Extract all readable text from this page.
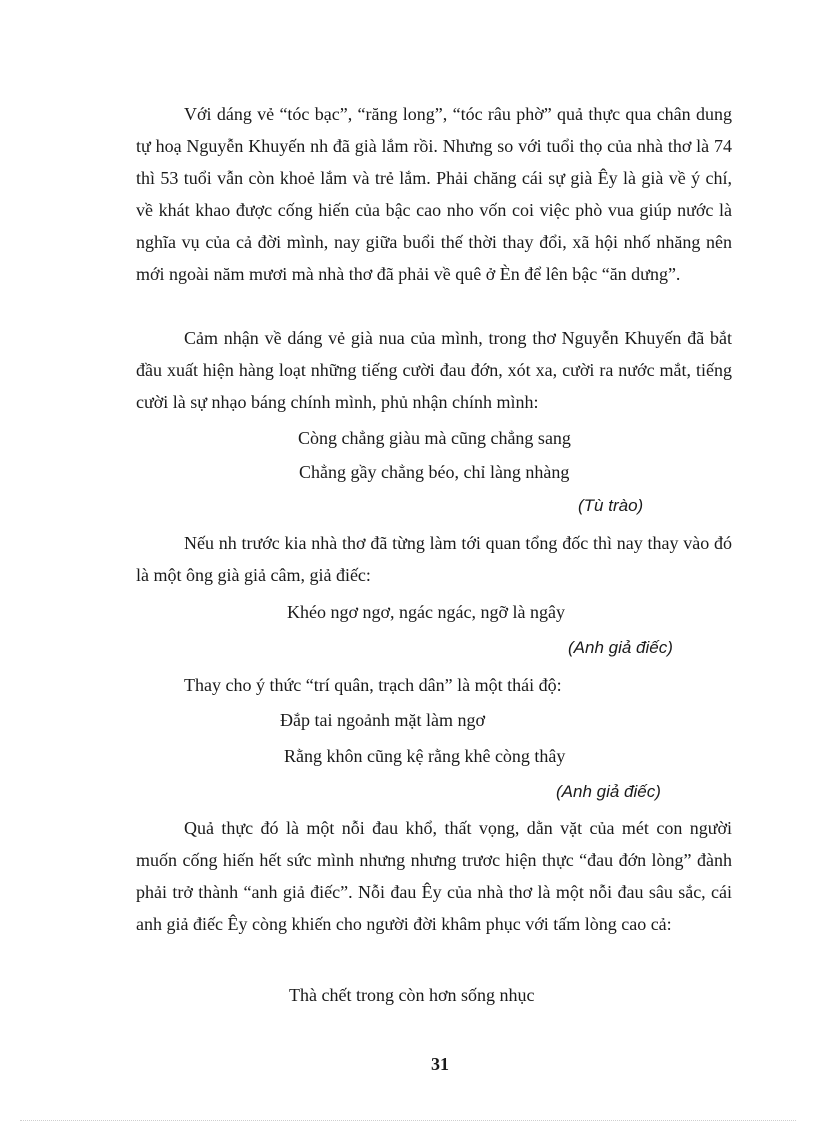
Với dáng vẻ “tóc bạc”, “răng long”, “tóc râu phờ” quả thực qua chân dung tự hoạ Nguyễn Khuyến nh đã già lắm rồi. Nhưng so với tuổi thọ của nhà thơ là 74 thì 53 tuổi vẫn còn khoẻ lắm và trẻ lắm. Phải chăng cái sự già Êy là già về ý chí, về khát khao được cống hiến của bậc cao nho vốn coi việc phò vua giúp nước là nghĩa vụ của cả đời mình, nay giữa buổi thế thời thay đổi, xã hội nhố nhăng nên mới ngoài năm mươi mà nhà thơ đã phải về quê ở Èn để lên bậc “ăn dưng”.

Cảm nhận về dáng vẻ già nua của mình, trong thơ Nguyễn Khuyến đã bắt đầu xuất hiện hàng loạt những tiếng cười đau đớn, xót xa, cười ra nước mắt, tiếng cười là sự nhạo báng chính mình, phủ nhận chính mình:

Còng chẳng giàu mà cũng chẳng sang
Chẳng gầy chẳng béo, chỉ làng nhàng
(Tù trào)

Nếu nh trước kia nhà thơ đã từng làm tới quan tổng đốc thì nay thay vào đó là một ông già giả câm, giả điếc:

Khéo ngơ ngơ, ngác ngác, ngỡ là ngây
(Anh giả điếc)

Thay cho ý thức “trí quân, trạch dân” là một thái độ:

Đắp tai ngoảnh mặt làm ngơ
Rằng khôn cũng kệ rằng khê còng thây
(Anh giả điếc)

Quả thực đó là một nỗi đau khổ, thất vọng, dằn vặt của mét con người muốn cống hiến hết sức mình nhưng nhưng trươc hiện thực “đau đớn lòng” đành phải trở thành “anh giả điếc”. Nỗi đau Êy của nhà thơ là một nỗi đau sâu sắc, cái anh giả điếc Êy còng khiến cho người đời khâm phục với tấm lòng cao cả:

Thà chết trong còn hơn sống nhục
31
